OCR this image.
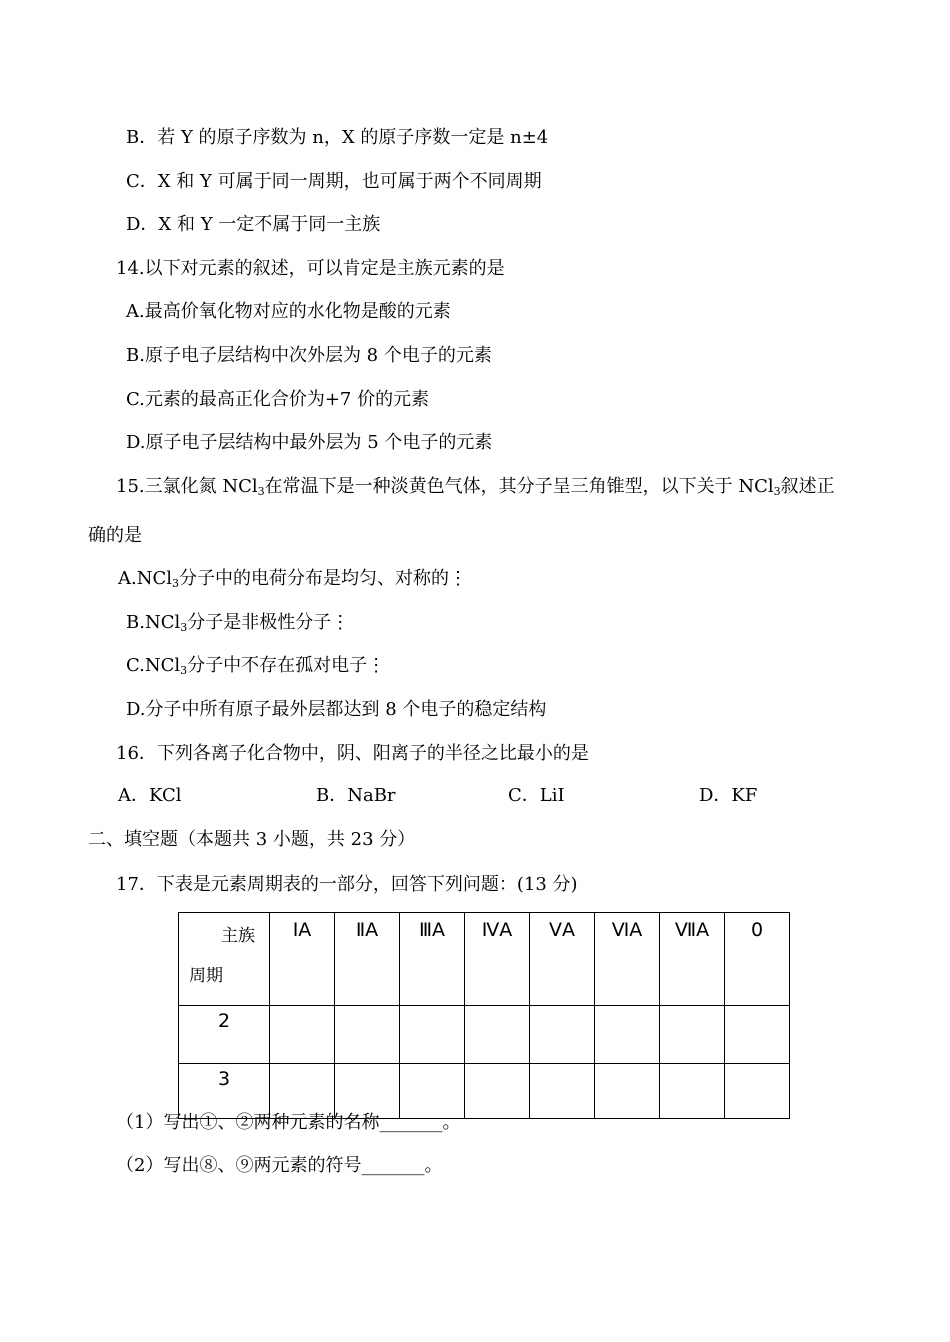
B．若 Y 的原子序数为 n，X 的原子序数一定是 n±4
C．X 和 Y 可属于同一周期，也可属于两个不同周期
D．X 和 Y 一定不属于同一主族
14.以下对元素的叙述，可以肯定是主族元素的是
A.最高价氧化物对应的水化物是酸的元素
B.原子电子层结构中次外层为 8 个电子的元素
C.元素的最高正化合价为+7 价的元素
D.原子电子层结构中最外层为 5 个电子的元素
15.三氯化氮 NCl$_3$在常温下是一种淡黄色气体，其分子呈三角锥型，以下关于 NCl$_3$叙述正
确的是
A.NCl$_3$分子中的电荷分布是均匀、对称的⋮
B.NCl$_3$分子是非极性分子⋮
C.NCl$_3$分子中不存在孤对电子⋮
D.分子中所有原子最外层都达到 8 个电子的稳定结构
16．下列各离子化合物中，阴、阳离子的半径之比最小的是
A．KCl	B．NaBr	C．LiI	D．KF
二、填空题（本题共 3 小题，共 23 分）
17．下表是元素周期表的一部分，回答下列问题：(13 分)
主族
周期	ⅠA	ⅡA	ⅢA	ⅣA	ⅤA	ⅥA	ⅦA	0
2								
3								
（1）写出①、②两种元素的名称_______。
（2）写出⑧、⑨两元素的符号_______。
